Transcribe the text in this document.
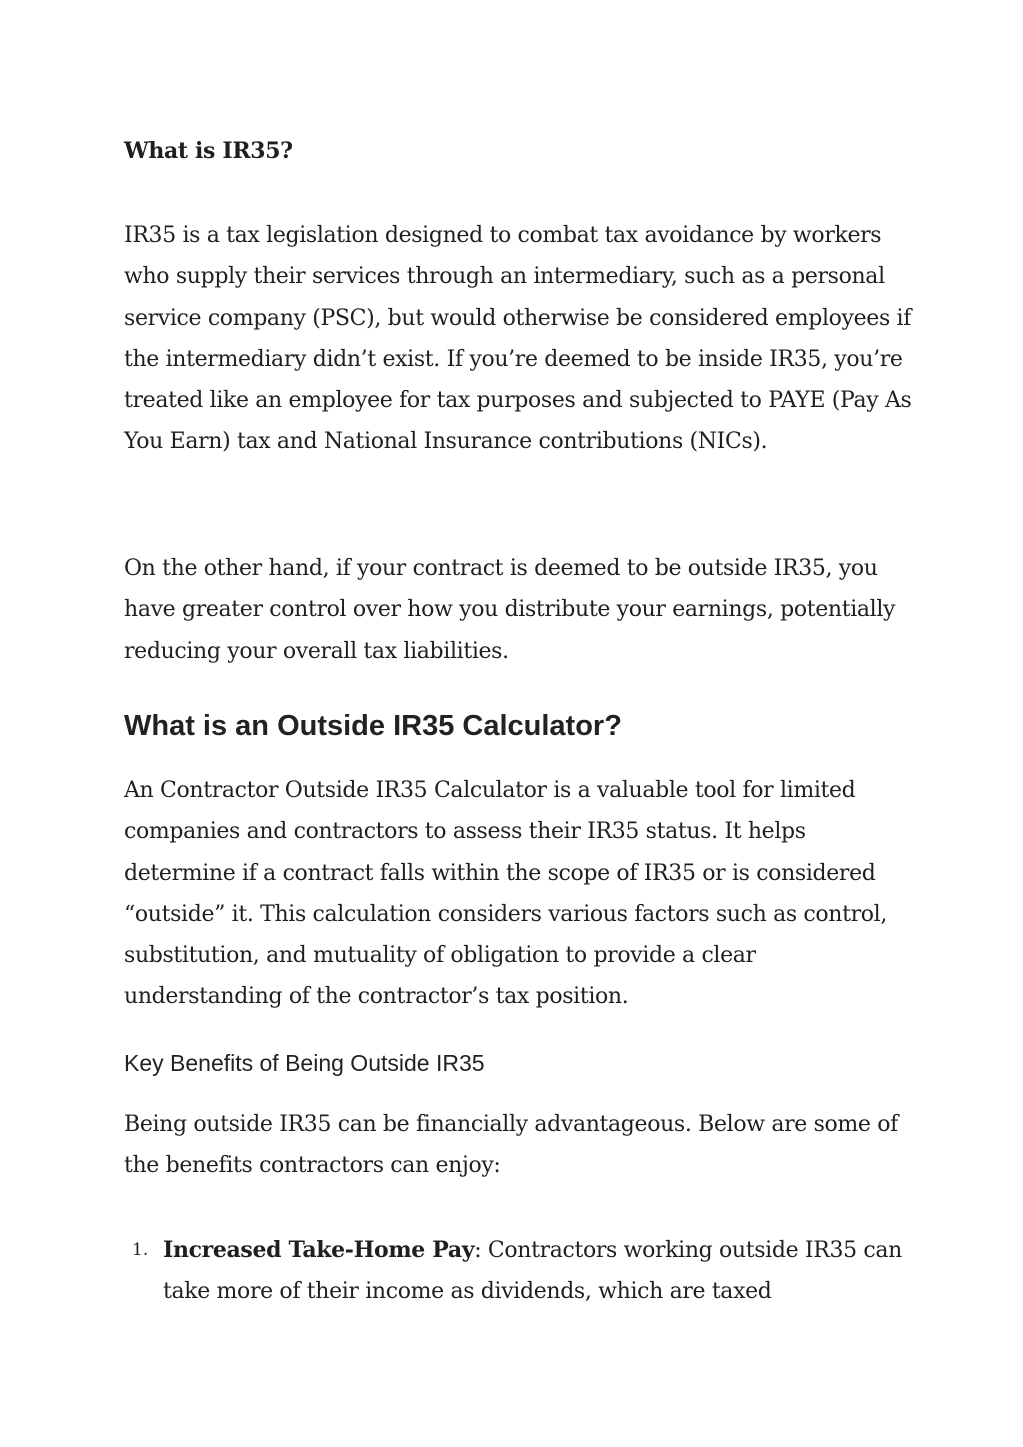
What is IR35?

IR35 is a tax legislation designed to combat tax avoidance by workers who supply their services through an intermediary, such as a personal service company (PSC), but would otherwise be considered employees if the intermediary didn’t exist. If you’re deemed to be inside IR35, you’re treated like an employee for tax purposes and subjected to PAYE (Pay As You Earn) tax and National Insurance contributions (NICs).

On the other hand, if your contract is deemed to be outside IR35, you have greater control over how you distribute your earnings, potentially reducing your overall tax liabilities.

What is an Outside IR35 Calculator?

An Contractor Outside IR35 Calculator is a valuable tool for limited companies and contractors to assess their IR35 status. It helps determine if a contract falls within the scope of IR35 or is considered “outside” it. This calculation considers various factors such as control, substitution, and mutuality of obligation to provide a clear understanding of the contractor’s tax position.

Key Benefits of Being Outside IR35

Being outside IR35 can be financially advantageous. Below are some of the benefits contractors can enjoy:

1. Increased Take-Home Pay: Contractors working outside IR35 can take more of their income as dividends, which are taxed
